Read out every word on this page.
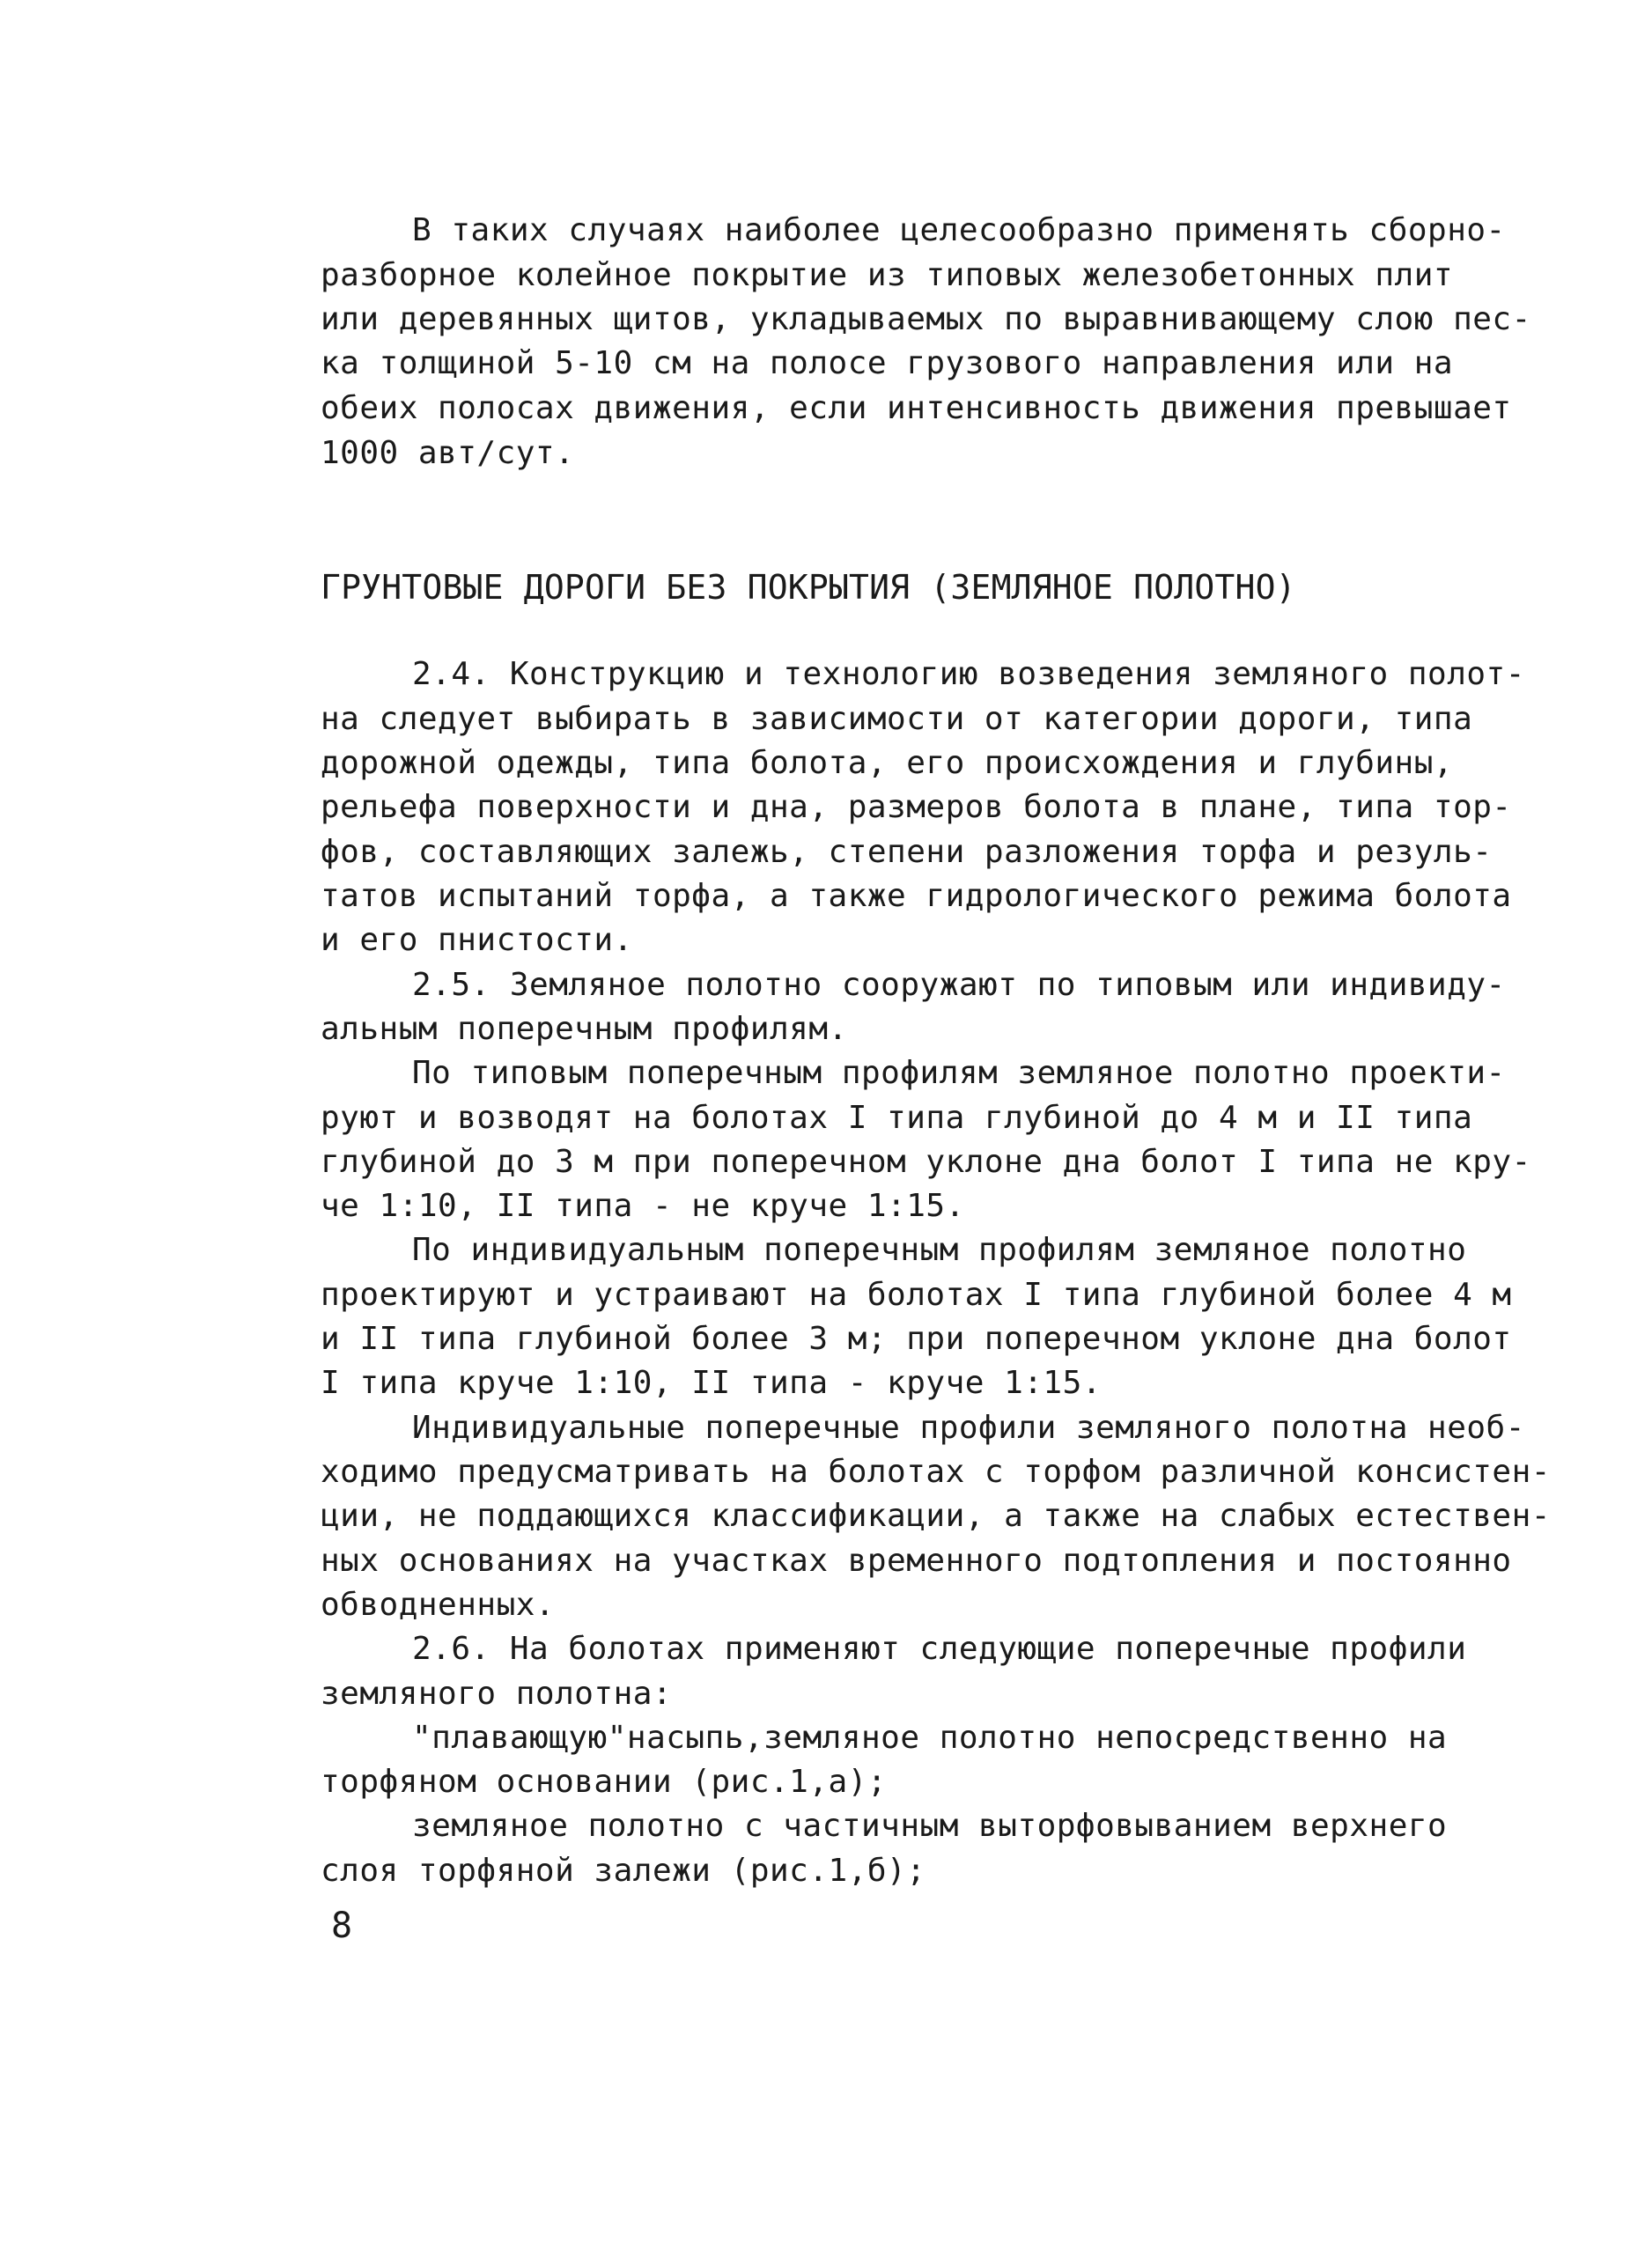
В таких случаях наиболее целесообразно применять сборно-
разборное колейное покрытие из типовых железобетонных плит
или деревянных щитов, укладываемых по выравнивающему слою пес-
ка толщиной 5-10 см на полосе грузового направления или на
обеих полосах движения, если интенсивность движения превышает
1000 авт/сут.
ГРУНТОВЫЕ ДОРОГИ БЕЗ ПОКРЫТИЯ (ЗЕМЛЯНОЕ ПОЛОТНО)
2.4. Конструкцию и технологию возведения земляного полот-
на следует выбирать в зависимости от категории дороги, типа
дорожной одежды, типа болота, его происхождения и глубины,
рельефа поверхности и дна, размеров болота в плане, типа тор-
фов, составляющих залежь, степени разложения торфа и резуль-
татов испытаний торфа, а также гидрологического режима болота
и его пнистости.
2.5. Земляное полотно сооружают по типовым или индивиду-
альным поперечным профилям.
По типовым поперечным профилям земляное полотно проекти-
руют и возводят на болотах I типа глубиной до 4 м и II типа
глубиной до 3 м при поперечном уклоне дна болот I типа не кру-
че 1:10, II типа - не круче 1:15.
По индивидуальным поперечным профилям земляное полотно
проектируют и устраивают на болотах I типа глубиной более 4 м
и II типа глубиной более 3 м; при поперечном уклоне дна болот
I типа круче 1:10, II типа - круче 1:15.
Индивидуальные поперечные профили земляного полотна необ-
ходимо предусматривать на болотах с торфом различной консистен-
ции, не поддающихся классификации, а также на слабых естествен-
ных основаниях на участках временного подтопления и постоянно
обводненных.
2.6. На болотах применяют следующие поперечные профили
земляного полотна:
"плавающую"насыпь,земляное полотно непосредственно на
торфяном основании (рис.1,а);
земляное полотно с частичным выторфовыванием верхнего
слоя торфяной залежи (рис.1,б);
8
